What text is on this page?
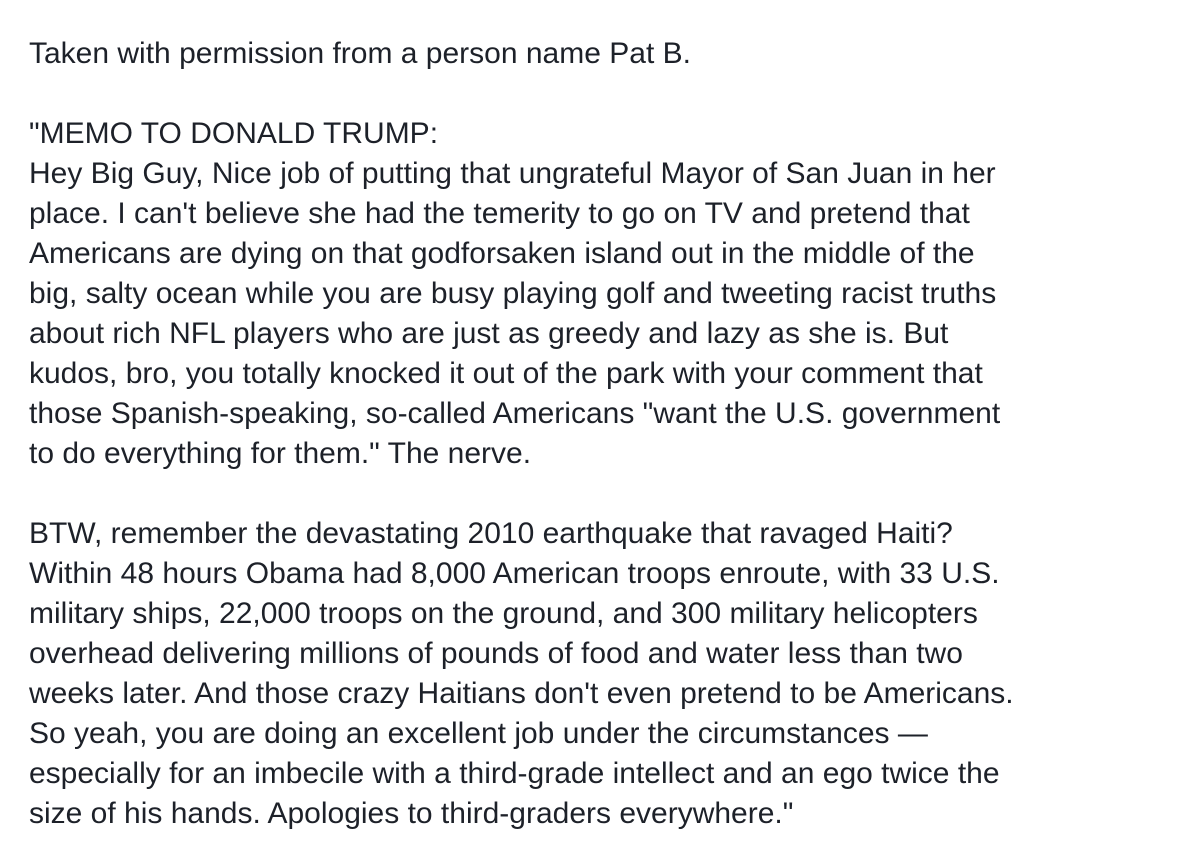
Taken with permission from a person name Pat B.
"MEMO TO DONALD TRUMP:
Hey Big Guy, Nice job of putting that ungrateful Mayor of San Juan in her
place. I can't believe she had the temerity to go on TV and pretend that
Americans are dying on that godforsaken island out in the middle of the
big, salty ocean while you are busy playing golf and tweeting racist truths
about rich NFL players who are just as greedy and lazy as she is. But
kudos, bro, you totally knocked it out of the park with your comment that
those Spanish-speaking, so-called Americans "want the U.S. government
to do everything for them." The nerve.
BTW, remember the devastating 2010 earthquake that ravaged Haiti?
Within 48 hours Obama had 8,000 American troops enroute, with 33 U.S.
military ships, 22,000 troops on the ground, and 300 military helicopters
overhead delivering millions of pounds of food and water less than two
weeks later. And those crazy Haitians don't even pretend to be Americans.
So yeah, you are doing an excellent job under the circumstances —
especially for an imbecile with a third-grade intellect and an ego twice the
size of his hands. Apologies to third-graders everywhere."
